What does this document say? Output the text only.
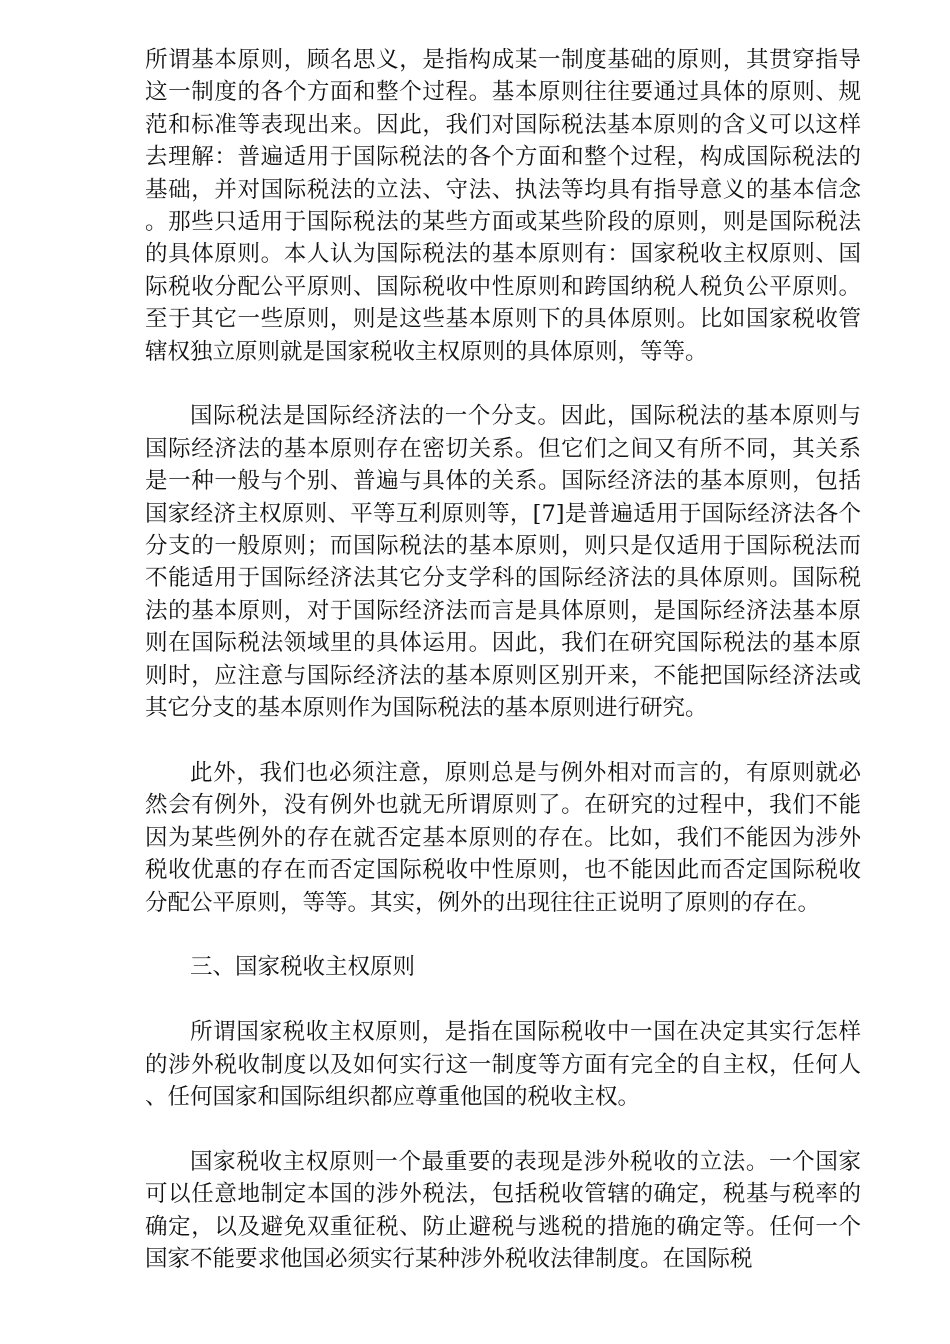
所谓基本原则，顾名思义，是指构成某一制度基础的原则，其贯穿指导这一制度的各个方面和整个过程。基本原则往往要通过具体的原则、规范和标准等表现出来。因此，我们对国际税法基本原则的含义可以这样去理解：普遍适用于国际税法的各个方面和整个过程，构成国际税法的基础，并对国际税法的立法、守法、执法等均具有指导意义的基本信念。那些只适用于国际税法的某些方面或某些阶段的原则，则是国际税法的具体原则。本人认为国际税法的基本原则有：国家税收主权原则、国际税收分配公平原则、国际税收中性原则和跨国纳税人税负公平原则。至于其它一些原则，则是这些基本原则下的具体原则。比如国家税收管辖权独立原则就是国家税收主权原则的具体原则，等等。

国际税法是国际经济法的一个分支。因此，国际税法的基本原则与国际经济法的基本原则存在密切关系。但它们之间又有所不同，其关系是一种一般与个别、普遍与具体的关系。国际经济法的基本原则，包括国家经济主权原则、平等互利原则等，[7]是普遍适用于国际经济法各个分支的一般原则；而国际税法的基本原则，则只是仅适用于国际税法而不能适用于国际经济法其它分支学科的国际经济法的具体原则。国际税法的基本原则，对于国际经济法而言是具体原则，是国际经济法基本原则在国际税法领域里的具体运用。因此，我们在研究国际税法的基本原则时，应注意与国际经济法的基本原则区别开来，不能把国际经济法或其它分支的基本原则作为国际税法的基本原则进行研究。

此外，我们也必须注意，原则总是与例外相对而言的，有原则就必然会有例外，没有例外也就无所谓原则了。在研究的过程中，我们不能因为某些例外的存在就否定基本原则的存在。比如，我们不能因为涉外税收优惠的存在而否定国际税收中性原则，也不能因此而否定国际税收分配公平原则，等等。其实，例外的出现往往正说明了原则的存在。

三、国家税收主权原则

所谓国家税收主权原则，是指在国际税收中一国在决定其实行怎样的涉外税收制度以及如何实行这一制度等方面有完全的自主权，任何人、任何国家和国际组织都应尊重他国的税收主权。

国家税收主权原则一个最重要的表现是涉外税收的立法。一个国家可以任意地制定本国的涉外税法，包括税收管辖的确定，税基与税率的确定，以及避免双重征税、防止避税与逃税的措施的确定等。任何一个国家不能要求他国必须实行某种涉外税收法律制度。在国际税
